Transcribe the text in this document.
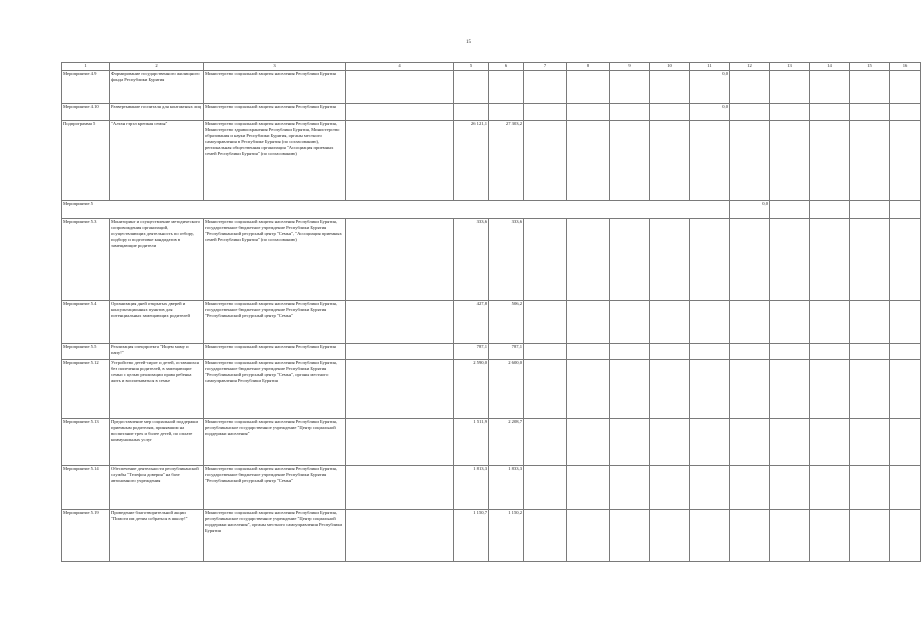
15
1	2	3	4	5	6	7	8	9	10	11	12	13	14	15	16
Мероприятие 4.9	Формирование государственного жилищного фонда Республики Бурятия	Министерство социальной защиты населения Республики Бурятия								0,0					
Мероприятие 4.10	Развертывание госпиталя для контактных лиц	Министерство социальной защиты населения Республики Бурятия								0,0					
Подпрограмма 5	"Алтан гэрэл крепкая семья"	Министерство социальной защиты населения Республики Бурятия, Министерство здравоохранения Республики Бурятия, Министерство образования и науки Республики Бурятия, органы местного самоуправления в Республике Бурятия (по согласованию), региональная общественная организация "Ассоциация приемных семей Республики Бурятия" (по согласованию)		26 121,1	27 303,2										
Мероприятие 5											0,0				
Мероприятие 5.3	Мониторинг и осуществление методического сопровождения организаций, осуществляющих деятельность по отбору, подбору и подготовке кандидатов в замещающие родители	Министерство социальной защиты населения Республики Бурятия, государственное бюджетное учреждение Республики Бурятия "Республиканский ресурсный центр "Семья", "Ассоциация приемных семей Республики Бурятия" (по согласованию)		333,6	333,6										
Мероприятие 5.4	Организация дней открытых дверей и консультационных пунктов для потенциальных замещающих родителей	Министерство социальной защиты населения Республики Бурятия, государственное бюджетное учреждение Республики Бурятия "Республиканский ресурсный центр "Семья"		427,8	506,2										
Мероприятие 5.5	Реализация спецпроекта "Ищем маму и папу!"	Министерство социальной защиты населения Республики Бурятия		787,1	787,1										
Мероприятие 5.12	Устройство детей-сирот и детей, оставшихся без попечения родителей, в замещающие семьи с целью реализации права ребенка жить и воспитываться в семье	Министерство социальной защиты населения Республики Бурятия, государственное бюджетное учреждение Республики Бурятия "Республиканский ресурсный центр "Семья", органы местного самоуправления Республики Бурятия		2 590,0	2 600,0										
Мероприятие 5.13	Предоставление мер социальной поддержки приемным родителям, принявшим на воспитание трех и более детей, по оплате коммунальных услуг	Министерство социальной защиты населения Республики Бурятия, республиканское государственное учреждение "Центр социальной поддержки населения"		1 511,9	2 208,7										
Мероприятие 5.14	Обеспечение деятельности республиканской службы "Телефон доверия" на базе автономного учреждения	Министерство социальной защиты населения Республики Бурятия, государственное бюджетное учреждение Республики Бурятия "Республиканский ресурсный центр "Семья"		1 813,3	1 833,3										
Мероприятие 5.19	Проведение благотворительной акции "Помоги им детям собраться в школу!"	Министерство социальной защиты населения Республики Бурятия, республиканское государственное учреждение "Центр социальной поддержки населения", органы местного самоуправления Республики Бурятия		1 150,7	1 150,2										
